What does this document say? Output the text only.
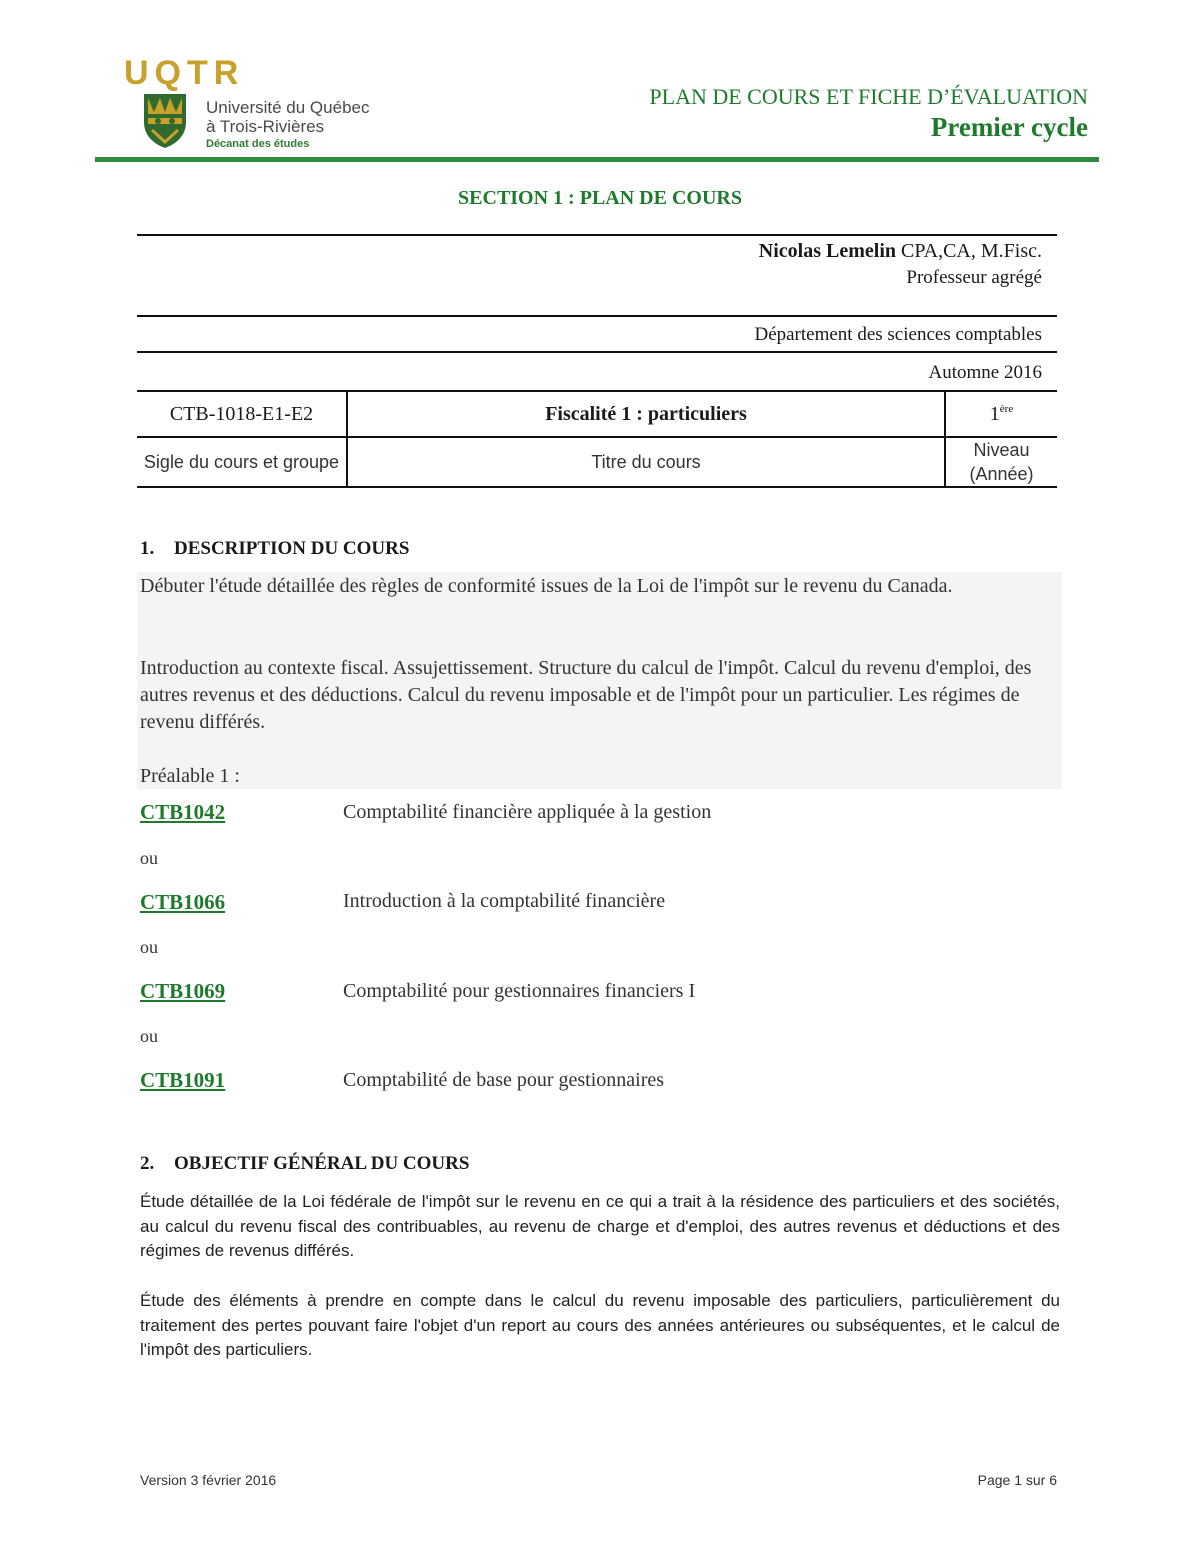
UQTR
Université du Québec
à Trois-Rivières
Décanat des études
PLAN DE COURS ET FICHE D’ÉVALUATION
Premier cycle
SECTION 1 : PLAN DE COURS
Nicolas Lemelin CPA,CA, M.Fisc.
Professeur agrégé
Département des sciences comptables
Automne 2016
CTB-1018-E1-E2	Fiscalité 1 : particuliers	1ère
Sigle du cours et groupe	Titre du cours	Niveau (Année)
1. DESCRIPTION DU COURS
Débuter l'étude détaillée des règles de conformité issues de la Loi de l'impôt sur le revenu du Canada.
Introduction au contexte fiscal. Assujettissement. Structure du calcul de l'impôt. Calcul du revenu d'emploi, des autres revenus et des déductions. Calcul du revenu imposable et de l'impôt pour un particulier. Les régimes de revenu différés.
Préalable 1 :
CTB1042	Comptabilité financière appliquée à la gestion
ou
CTB1066	Introduction à la comptabilité financière
ou
CTB1069	Comptabilité pour gestionnaires financiers I
ou
CTB1091	Comptabilité de base pour gestionnaires
2. OBJECTIF GÉNÉRAL DU COURS
Étude détaillée de la Loi fédérale de l'impôt sur le revenu en ce qui a trait à la résidence des particuliers et des sociétés, au calcul du revenu fiscal des contribuables, au revenu de charge et d'emploi, des autres revenus et déductions et des régimes de revenus différés.
Étude des éléments à prendre en compte dans le calcul du revenu imposable des particuliers, particulièrement du traitement des pertes pouvant faire l'objet d'un report au cours des années antérieures ou subséquentes, et le calcul de l'impôt des particuliers.
Version 3 février 2016	Page 1 sur 6
